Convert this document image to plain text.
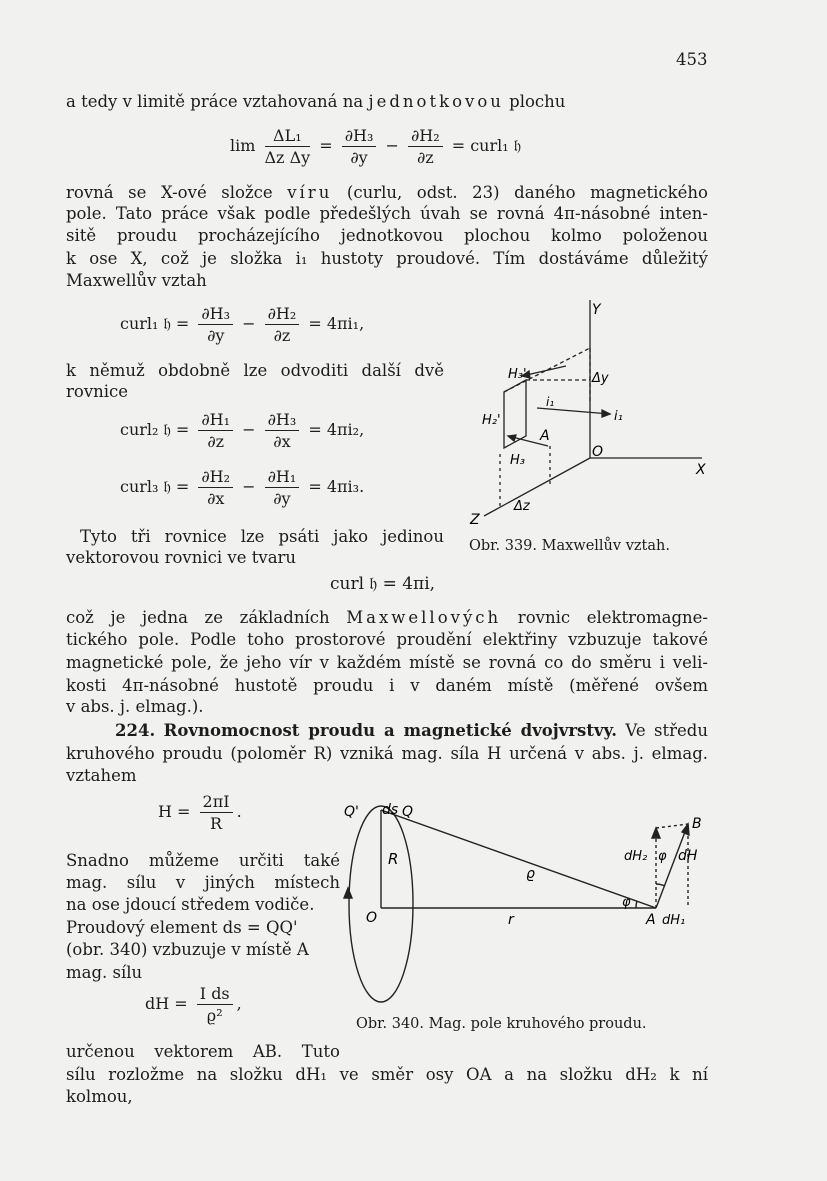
453
a tedy v limitě práce vztahovaná na jednotkovou plochu
$\lim \frac{\text{ΔL₁}}{\text{Δz Δy}} = \frac{\text{∂H₃}}{\partial y} - \frac{\text{∂H₂}}{\partial z}$ = curl₁ 𝔥
rovná se X-ové složce víru (curlu, odst. 23) daného magnetického
pole. Tato práce však podle předešlých úvah se rovná 4π-násobné inten-
sitě proudu procházejícího jednotkovou plochou kolmo položenou
k ose X, což je složka i₁ hustoty proudové. Tím dostáváme důležitý
Maxwellův vztah
curl₁ 𝔥 = $\frac{\text{∂H₃}}{\partial y} - \frac{\text{∂H₂}}{\partial z} = 4\pi i_1$,
k němuž obdobně lze odvoditi další dvě
rovnice
curl₂ 𝔥 = $\frac{\text{∂H₁}}{\partial z} - \frac{\text{∂H₃}}{\partial x} = 4\pi i_2$,
curl₃ 𝔥 = $\frac{\text{∂H₂}}{\partial x} - \frac{\text{∂H₁}}{\partial y} = 4\pi i_3$.
Tyto tři rovnice lze psáti jako jedinou
vektorovou rovnici ve tvaru
curl 𝔥 = 4πi,
Y
X
Z
O
A
Δy
Δz
i₁
i₁
H₃'
H₂'
H₃
Obr. 339. Maxwellův vztah.
což je jedna ze základních Maxwellových rovnic elektromagne-
tického pole. Podle toho prostorové proudění elektřiny vzbuzuje takové
magnetické pole, že jeho vír v každém místě se rovná co do směru i veli-
kosti 4π-násobné hustotě proudu i v daném místě (měřené ovšem
v abs. j. elmag.).
224. Rovnomocnost proudu a magnetické dvojvrstvy. Ve středu
kruhového proudu (poloměr R) vzniká mag. síla H určená v abs. j. elmag.
vztahem
$H = \frac{2\pi I}{R}$ .
Snadno můžeme určiti také
mag. sílu v jiných místech
na ose jdoucí středem vodiče.
Proudový element ds = QQ'
(obr. 340) vzbuzuje v místě A
mag. sílu
dH = $\frac{\text{I ds}}{\text{ϱ²}}$ ,
Q' ds Q
R
O	r
ϱ
φ
φ
A
B
dH
dH₁
dH₂
Obr. 340. Mag. pole kruhového proudu.
určenou vektorem AB. Tuto
sílu rozložme na složku dH₁ ve směr osy OA a na složku dH₂ k ní
kolmou,
